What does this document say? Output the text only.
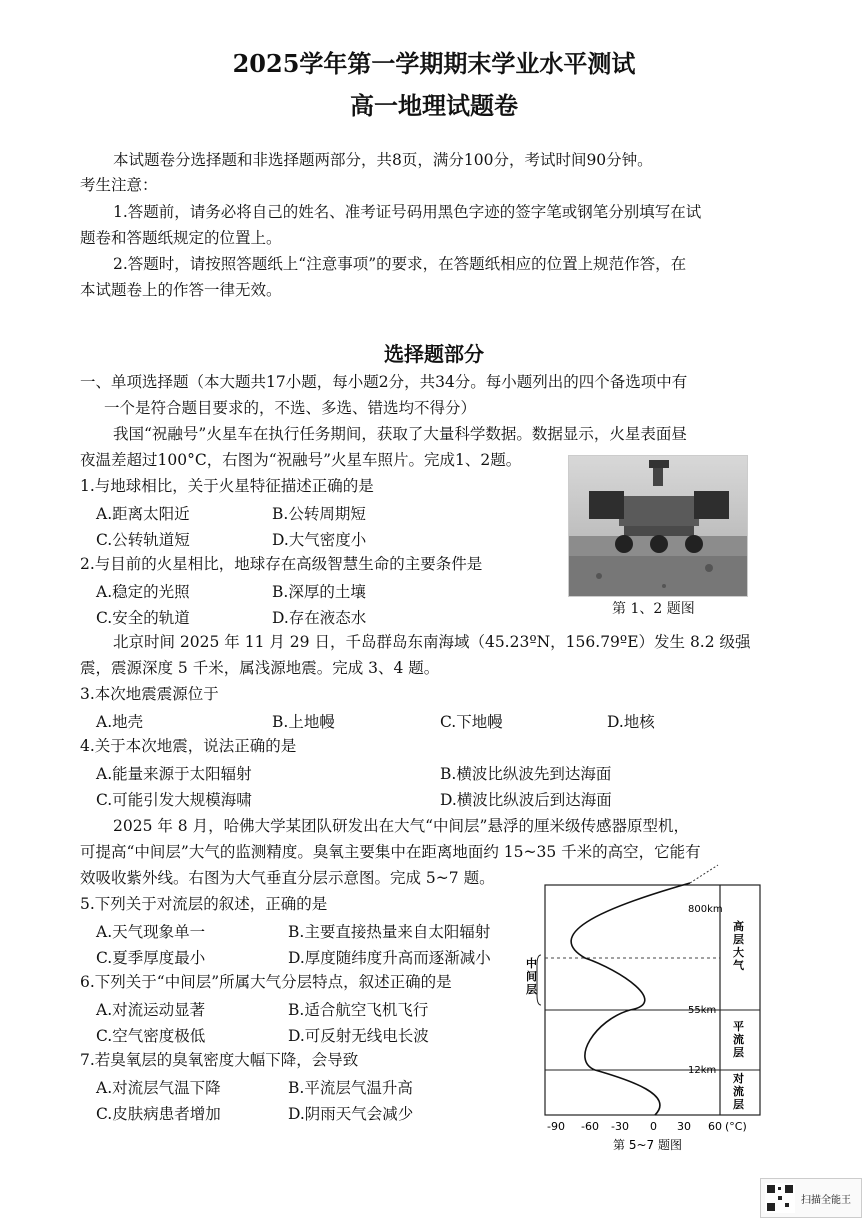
2025学年第一学期期末学业水平测试
高一地理试题卷
本试题卷分选择题和非选择题两部分，共8页，满分100分，考试时间90分钟。
考生注意：
1.答题前，请务必将自己的姓名、准考证号码用黑色字迹的签字笔或钢笔分别填写在试
题卷和答题纸规定的位置上。
2.答题时，请按照答题纸上“注意事项”的要求，在答题纸相应的位置上规范作答，在
本试题卷上的作答一律无效。
选择题部分
一、单项选择题（本大题共17小题，每小题2分，共34分。每小题列出的四个备选项中有
一个是符合题目要求的，不选、多选、错选均不得分）
我国“祝融号”火星车在执行任务期间，获取了大量科学数据。数据显示，火星表面昼
夜温差超过100°C，右图为“祝融号”火星车照片。完成1、2题。
第 1、2 题图
1.与地球相比，关于火星特征描述正确的是
A.距离太阳近	B.公转周期短
C.公转轨道短	D.大气密度小
2.与目前的火星相比，地球存在高级智慧生命的主要条件是
A.稳定的光照	B.深厚的土壤
C.安全的轨道	D.存在液态水
北京时间 2025 年 11 月 29 日，千岛群岛东南海域（45.23ºN，156.79ºE）发生 8.2 级强
震，震源深度 5 千米，属浅源地震。完成 3、4 题。
3.本次地震震源位于
A.地壳	B.上地幔	C.下地幔	D.地核
4.关于本次地震，说法正确的是
A.能量来源于太阳辐射	B.横波比纵波先到达海面
C.可能引发大规模海啸	D.横波比纵波后到达海面
2025 年 8 月，哈佛大学某团队研发出在大气“中间层”悬浮的厘米级传感器原型机，
可提高“中间层”大气的监测精度。臭氧主要集中在距离地面约 15~35 千米的高空，它能有
效吸收紫外线。右图为大气垂直分层示意图。完成 5~7 题。
5.下列关于对流层的叙述，正确的是
A.天气现象单一	B.主要直接热量来自太阳辐射
C.夏季厚度最小	D.厚度随纬度升高而逐渐减小
6.下列关于“中间层”所属大气分层特点，叙述正确的是
A.对流运动显著	B.适合航空飞机飞行
C.空气密度极低	D.可反射无线电长波
7.若臭氧层的臭氧密度大幅下降，会导致
A.对流层气温下降	B.平流层气温升高
C.皮肤病患者增加	D.阴雨天气会减少
800km
55km
12km
高层大气
平流层
对流层
中间层
-90 -60 -30 0 30 60 (°C)
第 5~7 题图
扫描全能王
